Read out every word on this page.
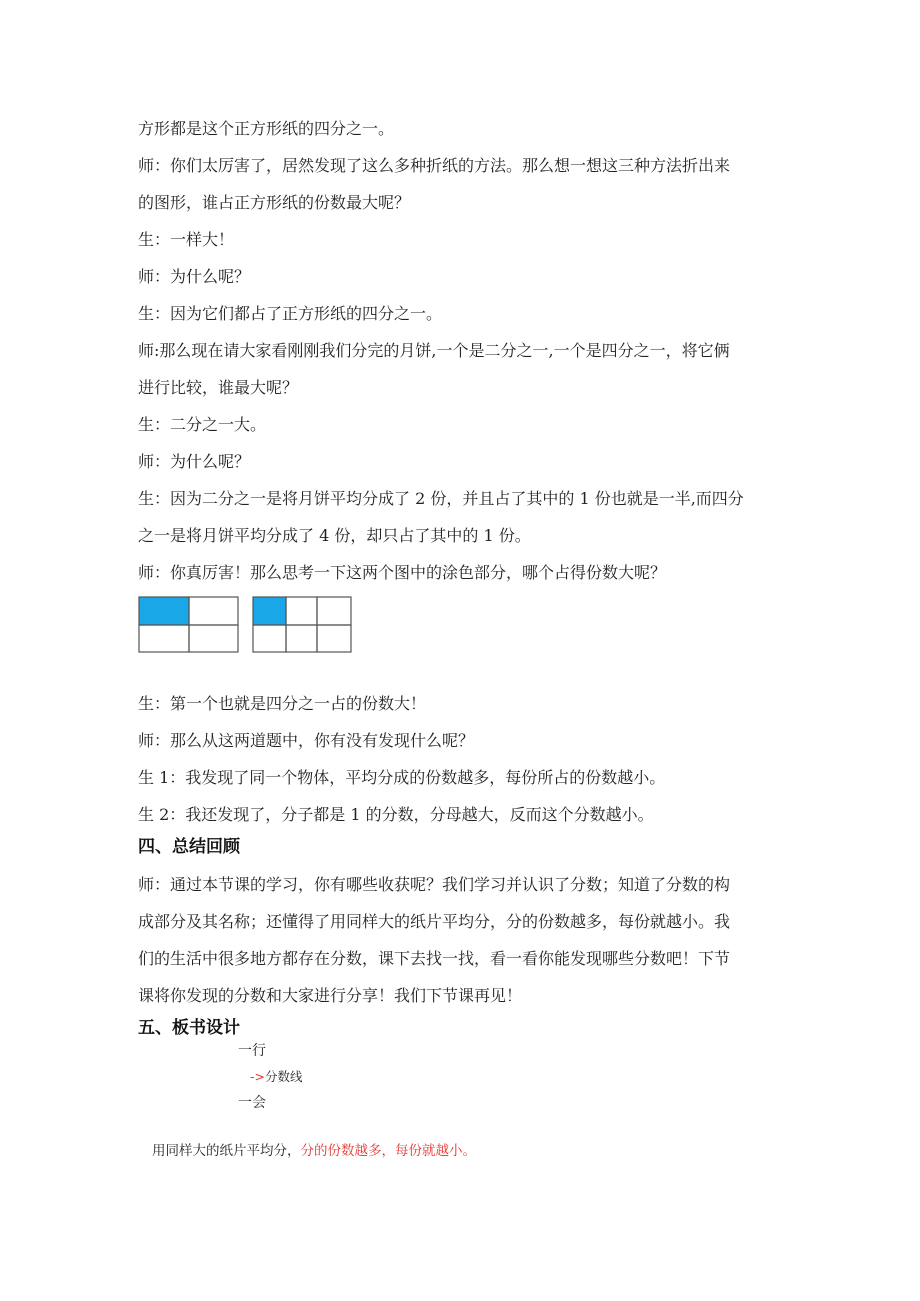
方形都是这个正方形纸的四分之一。

师：你们太厉害了，居然发现了这么多种折纸的方法。那么想一想这三种方法折出来

的图形，谁占正方形纸的份数最大呢？

生：一样大！

师：为什么呢？

生：因为它们都占了正方形纸的四分之一。

师:那么现在请大家看刚刚我们分完的月饼,一个是二分之一,一个是四分之一，将它俩

进行比较，谁最大呢？

生：二分之一大。

师：为什么呢？

生：因为二分之一是将月饼平均分成了 2 份，并且占了其中的 1 份也就是一半,而四分

之一是将月饼平均分成了 4 份，却只占了其中的 1 份。

师：你真厉害！那么思考一下这两个图中的涂色部分，哪个占得份数大呢？

生：第一个也就是四分之一占的份数大！

师：那么从这两道题中，你有没有发现什么呢？

生 1：我发现了同一个物体，平均分成的份数越多，每份所占的份数越小。

生 2：我还发现了，分子都是 1 的分数，分母越大，反而这个分数越小。

四、总结回顾

师：通过本节课的学习，你有哪些收获呢？我们学习并认识了分数；知道了分数的构

成部分及其名称；还懂得了用同样大的纸片平均分，分的份数越多，每份就越小。我

们的生活中很多地方都存在分数，课下去找一找，看一看你能发现哪些分数吧！下节

课将你发现的分数和大家进行分享！我们下节课再见！

五、板书设计
一行
->分数线
一会
用同样大的纸片平均分，分的份数越多，每份就越小。
